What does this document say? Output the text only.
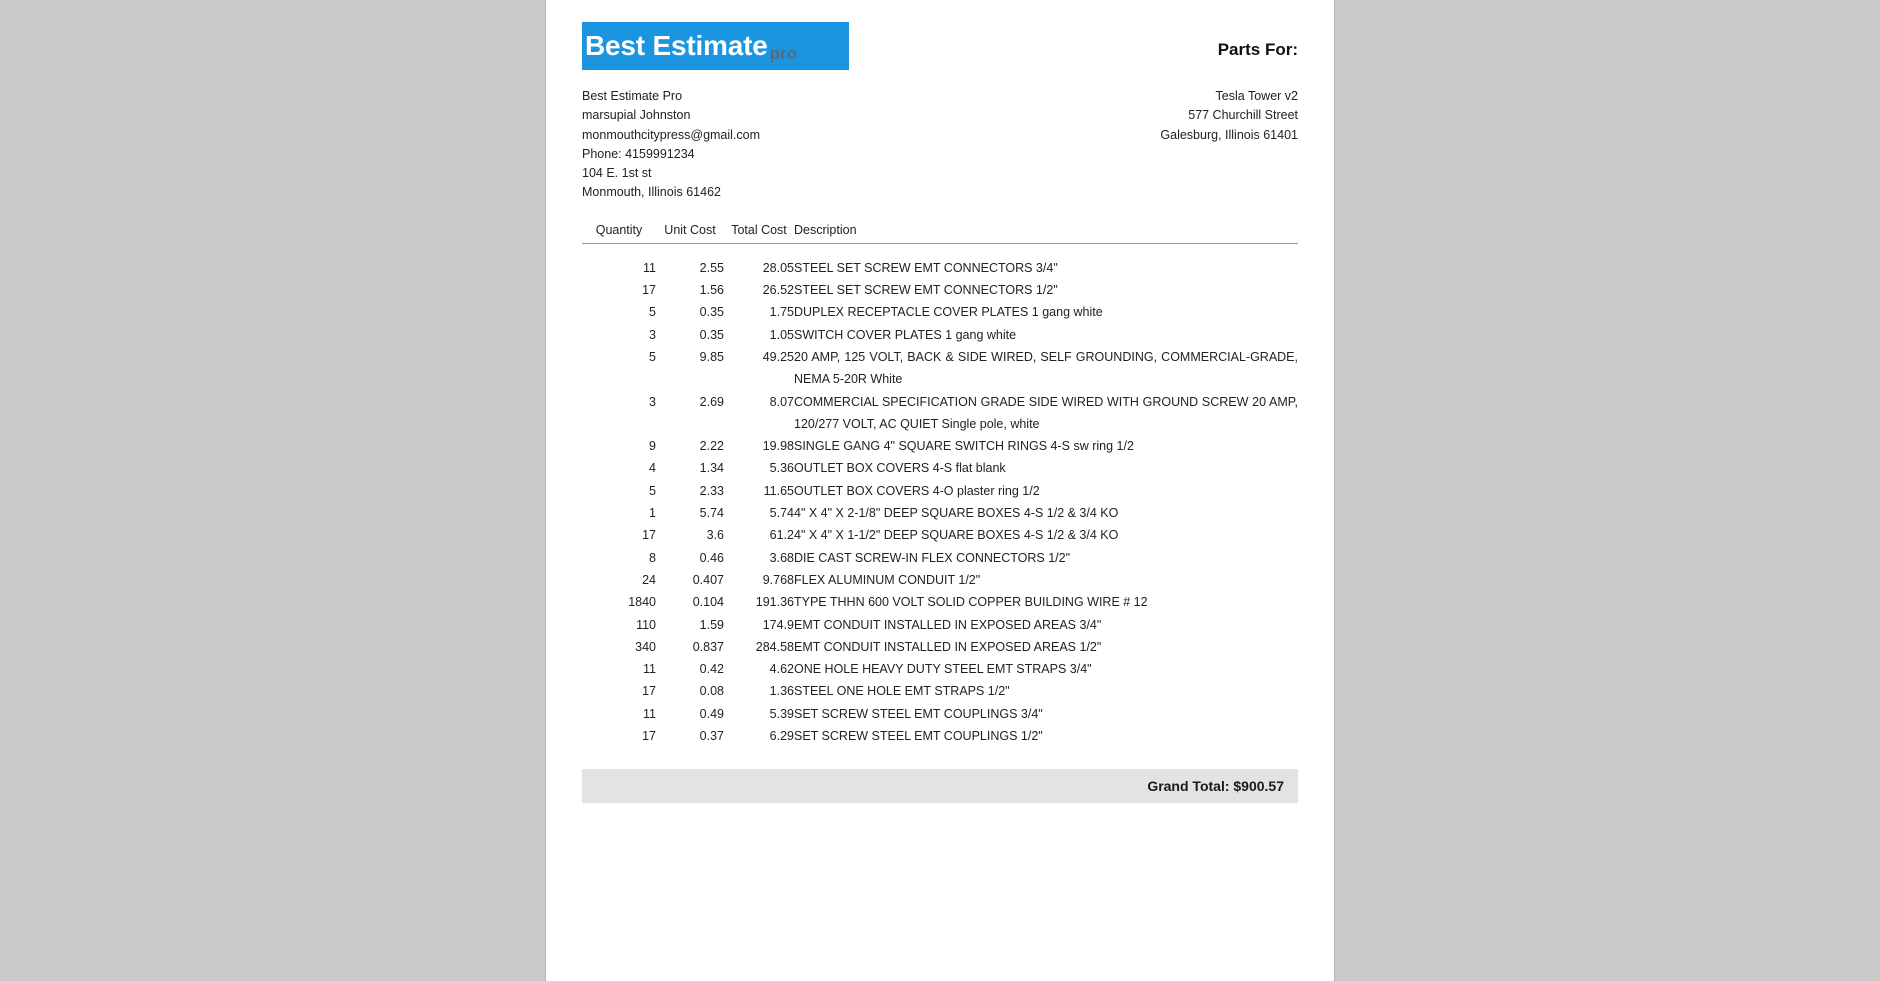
Best Estimate pro	Parts For:
Best Estimate Pro
marsupial Johnston
monmouthcitypress@gmail.com
Phone: 4159991234
104 E. 1st st
Monmouth, Illinois 61462
Tesla Tower v2
577 Churchill Street
Galesburg, Illinois 61401
Quantity	Unit Cost	Total Cost	Description
11	2.55	28.05	STEEL SET SCREW EMT CONNECTORS 3/4"
17	1.56	26.52	STEEL SET SCREW EMT CONNECTORS 1/2"
5	0.35	1.75	DUPLEX RECEPTACLE COVER PLATES 1 gang white
3	0.35	1.05	SWITCH COVER PLATES 1 gang white
5	9.85	49.25	20 AMP, 125 VOLT, BACK & SIDE WIRED, SELF GROUNDING, COMMERCIAL-GRADE, NEMA 5-20R White
3	2.69	8.07	COMMERCIAL SPECIFICATION GRADE SIDE WIRED WITH GROUND SCREW 20 AMP, 120/277 VOLT, AC QUIET Single pole, white
9	2.22	19.98	SINGLE GANG 4" SQUARE SWITCH RINGS 4-S sw ring 1/2
4	1.34	5.36	OUTLET BOX COVERS 4-S flat blank
5	2.33	11.65	OUTLET BOX COVERS 4-O plaster ring 1/2
1	5.74	5.74	4" X 4" X 2-1/8" DEEP SQUARE BOXES 4-S 1/2 & 3/4 KO
17	3.6	61.2	4" X 4" X 1-1/2" DEEP SQUARE BOXES 4-S 1/2 & 3/4 KO
8	0.46	3.68	DIE CAST SCREW-IN FLEX CONNECTORS 1/2"
24	0.407	9.768	FLEX ALUMINUM CONDUIT 1/2"
1840	0.104	191.36	TYPE THHN 600 VOLT SOLID COPPER BUILDING WIRE # 12
110	1.59	174.9	EMT CONDUIT INSTALLED IN EXPOSED AREAS 3/4"
340	0.837	284.58	EMT CONDUIT INSTALLED IN EXPOSED AREAS 1/2"
11	0.42	4.62	ONE HOLE HEAVY DUTY STEEL EMT STRAPS 3/4"
17	0.08	1.36	STEEL ONE HOLE EMT STRAPS 1/2"
11	0.49	5.39	SET SCREW STEEL EMT COUPLINGS 3/4"
17	0.37	6.29	SET SCREW STEEL EMT COUPLINGS 1/2"
Grand Total: $900.57
